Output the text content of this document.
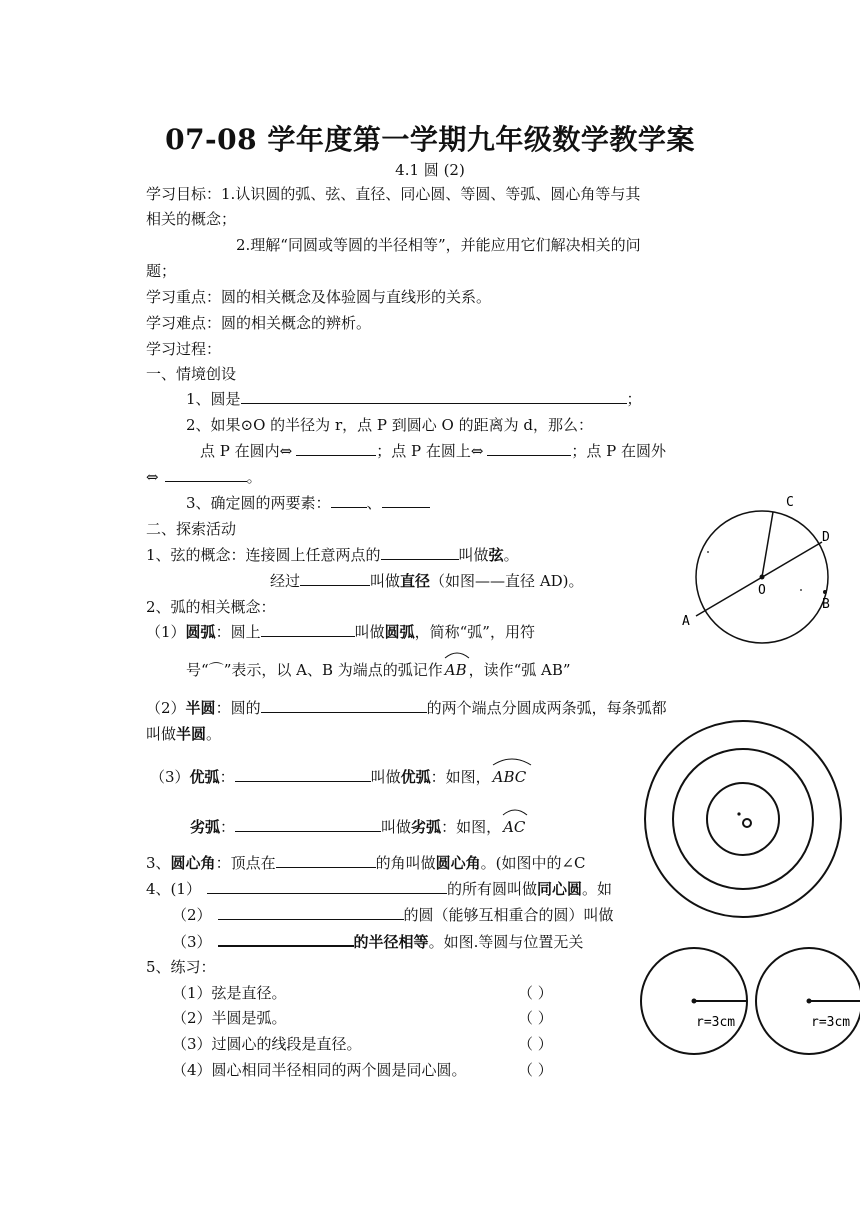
07-08 学年度第一学期九年级数学教学案
4.1 圆 (2)
学习目标：1.认识圆的弧、弦、直径、同心圆、等圆、等弧、圆心角等与其
相关的概念；
2.理解“同圆或等圆的半径相等”，并能应用它们解决相关的问
题；
学习重点：圆的相关概念及体验圆与直线形的关系。
学习难点：圆的相关概念的辨析。
学习过程：
一、情境创设
1、圆是	；
2、如果⊙O 的半径为 r，点 P 到圆心 O 的距离为 d，那么：
点 P 在圆内⇔	；点 P 在圆上⇔	；点 P 在圆外
⇔	。
3、确定圆的两要素： 、
二、探索活动
1、弦的概念：连接圆上任意两点的	叫做弦。
经过	叫做直径（如图——直径 AD)。
2、弧的相关概念：
（1）圆弧：圆上	叫做圆弧，简称“弧”，用符
号“⌒”表示，以 A、B 为端点的弧记作 AB ，读作“弧 AB”
（2）半圆：圆的	的两个端点分圆成两条弧，每条弧都
叫做半圆。
（3）优弧：	叫做优弧：如图， ABC
劣弧：	叫做劣弧：如图， AC
3、圆心角：顶点在	的角叫做圆心角。(如图中的∠C
4、(1）	的所有圆叫做同心圆。如
（2）	的圆（能够互相重合的圆）叫做
（3）	的半径相等。如图.等圆与位置无关
5、练习：
（1）弦是直径。
（2）半圆是弧。
（3）过圆心的线段是直径。
（4）圆心相同半径相同的两个圆是同心圆。
（ ）
（ ）
（ ）
（ ）
C
D
O
B
A
r=3cm	r=3cm
